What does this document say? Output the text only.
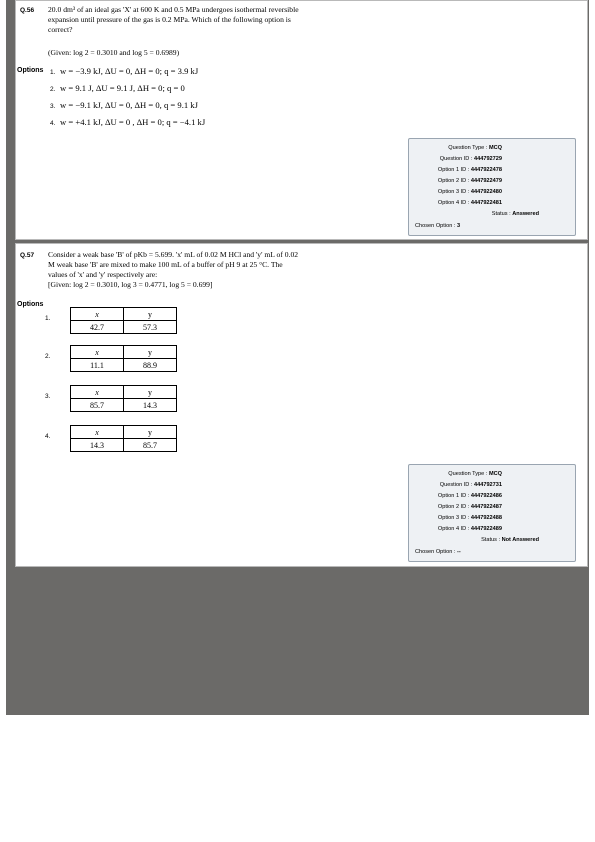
Q.56 20.0 dm³ of an ideal gas 'X' at 600 K and 0.5 MPa undergoes isothermal reversible
expansion until pressure of the gas is 0.2 MPa. Which of the following option is
correct?
(Given: log 2 = 0.3010 and log 5 = 0.6989)
Options 1. w = −3.9 kJ, ΔU = 0, ΔH = 0; q = 3.9 kJ
2. w = 9.1 J, ΔU = 9.1 J, ΔH = 0; q = 0
3. w = −9.1 kJ, ΔU = 0, ΔH = 0, q = 9.1 kJ
4. w = +4.1 kJ, ΔU = 0 , ΔH = 0; q = −4.1 kJ
Question Type : MCQ
Question ID : 444792729
Option 1 ID : 4447922478
Option 2 ID : 4447922479
Option 3 ID : 4447922480
Option 4 ID : 4447922481
Status : Answered
Chosen Option : 3
Q.57 Consider a weak base 'B' of pKb = 5.699. 'x' mL of 0.02 M HCl and 'y' mL of 0.02
M weak base 'B' are mixed to make 100 mL of a buffer of pH 9 at 25 °C. The
values of 'x' and 'y' respectively are:
[Given: log 2 = 0.3010, log 3 = 0.4771, log 5 = 0.699]
Options
1.	x	y
42.7	57.3
2.	x	y
11.1	88.9
3.	x	y
85.7	14.3
4.	x	y
14.3	85.7
Question Type : MCQ
Question ID : 444792731
Option 1 ID : 4447922486
Option 2 ID : 4447922487
Option 3 ID : 4447922488
Option 4 ID : 4447922489
Status : Not Answered
Chosen Option : --
